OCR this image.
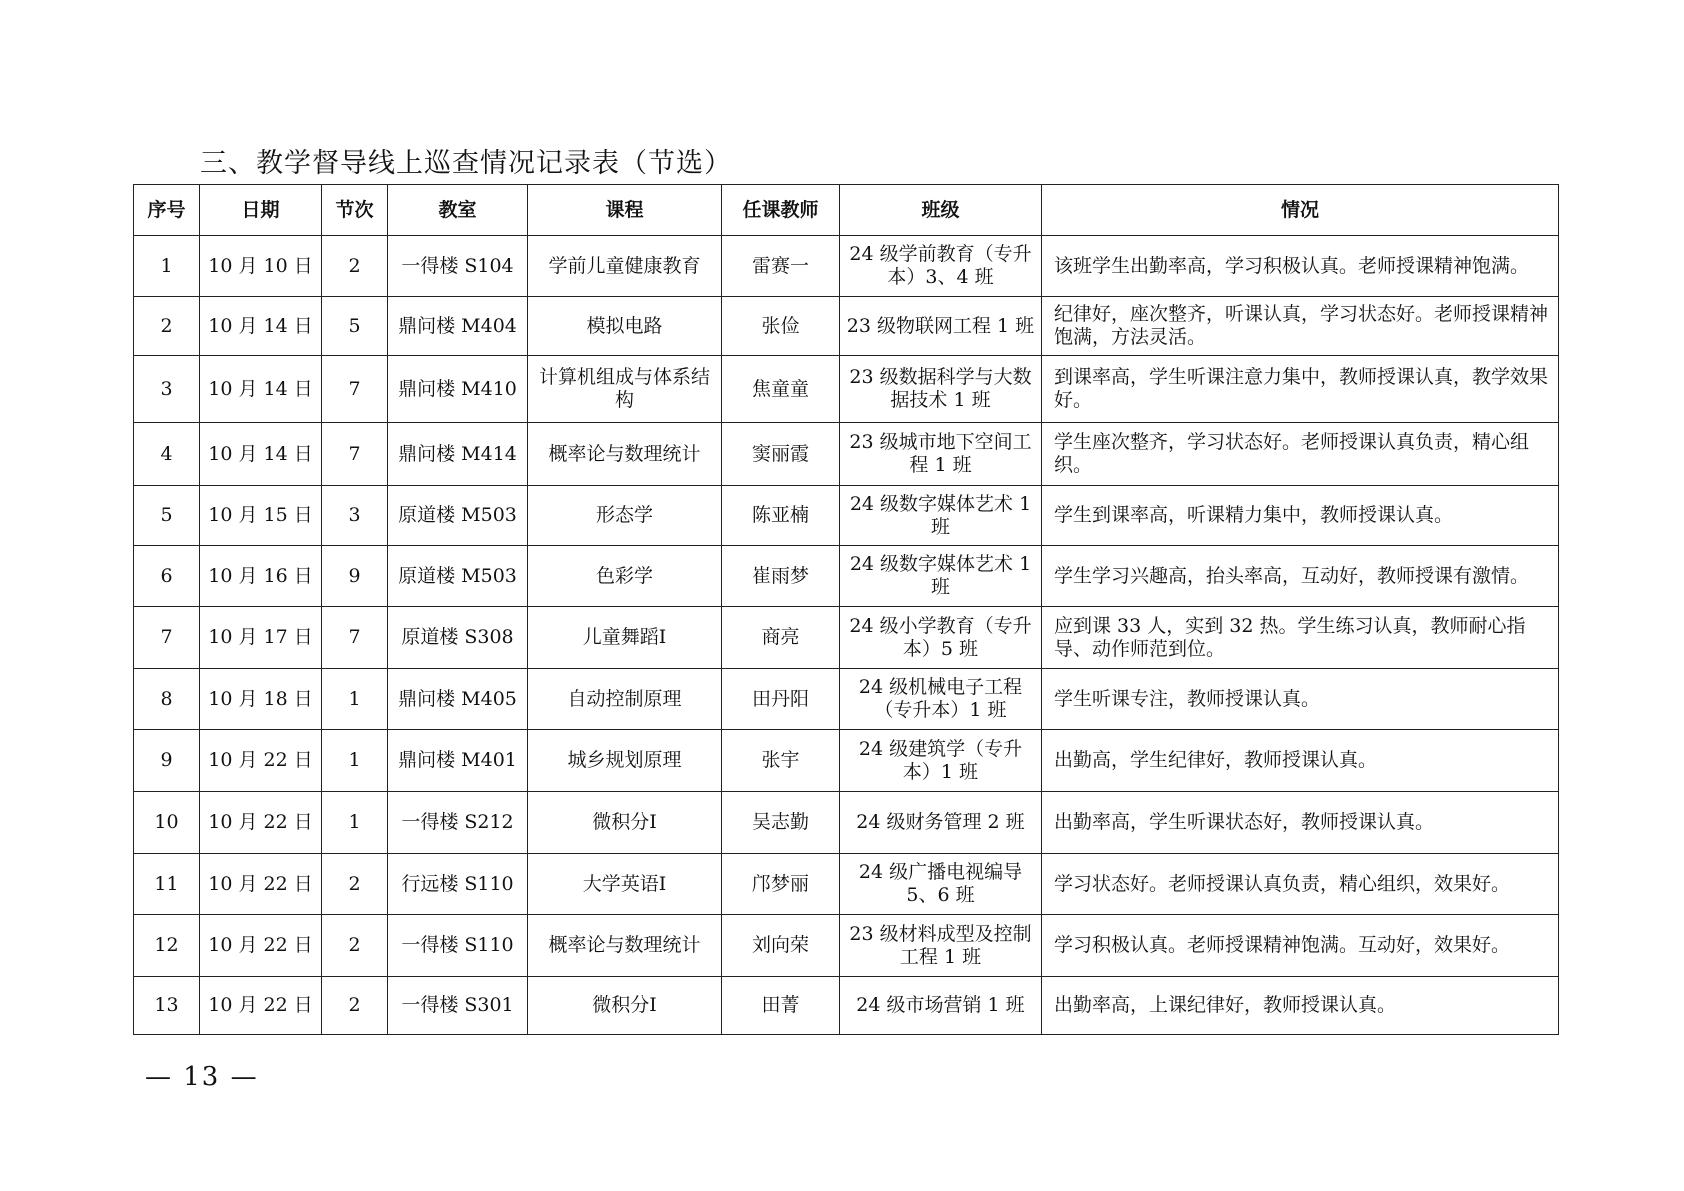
三、教学督导线上巡查情况记录表（节选）
序号	日期	节次	教室	课程	任课教师	班级	情况
1	10 月 10 日	2	一得楼 S104	学前儿童健康教育	雷赛一	24 级学前教育（专升本）3、4 班	该班学生出勤率高，学习积极认真。老师授课精神饱满。
2	10 月 14 日	5	鼎问楼 M404	模拟电路	张俭	23 级物联网工程 1 班	纪律好，座次整齐，听课认真，学习状态好。老师授课精神饱满，方法灵活。
3	10 月 14 日	7	鼎问楼 M410	计算机组成与体系结构	焦童童	23 级数据科学与大数据技术 1 班	到课率高，学生听课注意力集中，教师授课认真，教学效果好。
4	10 月 14 日	7	鼎问楼 M414	概率论与数理统计	窦丽霞	23 级城市地下空间工程 1 班	学生座次整齐，学习状态好。老师授课认真负责，精心组织。
5	10 月 15 日	3	原道楼 M503	形态学	陈亚楠	24 级数字媒体艺术 1 班	学生到课率高，听课精力集中，教师授课认真。
6	10 月 16 日	9	原道楼 M503	色彩学	崔雨梦	24 级数字媒体艺术 1 班	学生学习兴趣高，抬头率高，互动好，教师授课有激情。
7	10 月 17 日	7	原道楼 S308	儿童舞蹈Ⅰ	商亮	24 级小学教育（专升本）5 班	应到课 33 人，实到 32 热。学生练习认真，教师耐心指导、动作师范到位。
8	10 月 18 日	1	鼎问楼 M405	自动控制原理	田丹阳	24 级机械电子工程（专升本）1 班	学生听课专注，教师授课认真。
9	10 月 22 日	1	鼎问楼 M401	城乡规划原理	张宇	24 级建筑学（专升本）1 班	出勤高，学生纪律好，教师授课认真。
10	10 月 22 日	1	一得楼 S212	微积分Ⅰ	吴志勤	24 级财务管理 2 班	出勤率高，学生听课状态好，教师授课认真。
11	10 月 22 日	2	行远楼 S110	大学英语Ⅰ	邝梦丽	24 级广播电视编导 5、6 班	学习状态好。老师授课认真负责，精心组织，效果好。
12	10 月 22 日	2	一得楼 S110	概率论与数理统计	刘向荣	23 级材料成型及控制工程 1 班	学习积极认真。老师授课精神饱满。互动好，效果好。
13	10 月 22 日	2	一得楼 S301	微积分Ⅰ	田菁	24 级市场营销 1 班	出勤率高，上课纪律好，教师授课认真。
— 13 —
